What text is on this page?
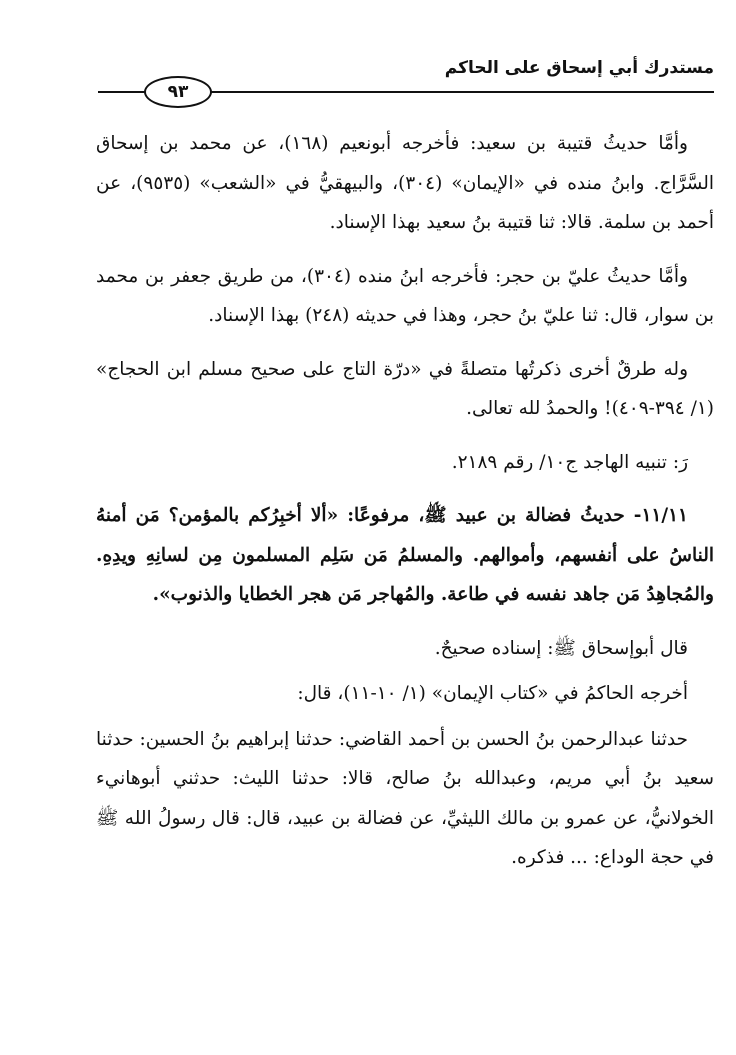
مستدرك أبي إسحاق على الحاكم
٩٣

وأمَّا حديثُ قتيبة بن سعيد: فأخرجه أبونعيم (١٦٨)، عن محمد بن إسحاق السَّرَّاج. وابنُ منده في «الإيمان» (٣٠٤)، والبيهقيُّ في «الشعب» (٩٥٣٥)، عن أحمد بن سلمة. قالا: ثنا قتيبة بنُ سعيد بهذا الإسناد.

وأمَّا حديثُ عليّ بن حجر: فأخرجه ابنُ منده (٣٠٤)، من طريق جعفر بن محمد بن سوار، قال: ثنا عليّ بنُ حجر، وهذا في حديثه (٢٤٨) بهذا الإسناد.

وله طرقٌ أخرى ذكرتُها متصلةً في «درّة التاج على صحيح مسلم ابن الحجاج» (١/ ٣٩٤-٤٠٩)! والحمدُ لله تعالى.

رَ: تنبيه الهاجد ج١٠/ رقم ٢١٨٩.

١١/١١- حديثُ فضالة بن عبيد ﷺ، مرفوعًا: «ألا أخبِرُكم بالمؤمن؟ مَن أمنهُ الناسُ على أنفسهم، وأموالهم. والمسلمُ مَن سَلِم المسلمون مِن لسانِهِ ويدِهِ. والمُجاهِدُ مَن جاهد نفسه في طاعة. والمُهاجر مَن هجر الخطايا والذنوب».

قال أبوإسحاق ﷺ: إسناده صحيحٌ.

أخرجه الحاكمُ في «كتاب الإيمان» (١/ ١٠-١١)، قال:

حدثنا عبدالرحمن بنُ الحسن بن أحمد القاضي: حدثنا إبراهيم بنُ الحسين: حدثنا سعيد بنُ أبي مريم، وعبدالله بنُ صالح، قالا: حدثنا الليث: حدثني أبوهانيء الخولانيُّ، عن عمرو بن مالك الليثيِّ، عن فضالة بن عبيد، قال: قال رسولُ الله ﷺ في حجة الوداع: ... فذكره.
